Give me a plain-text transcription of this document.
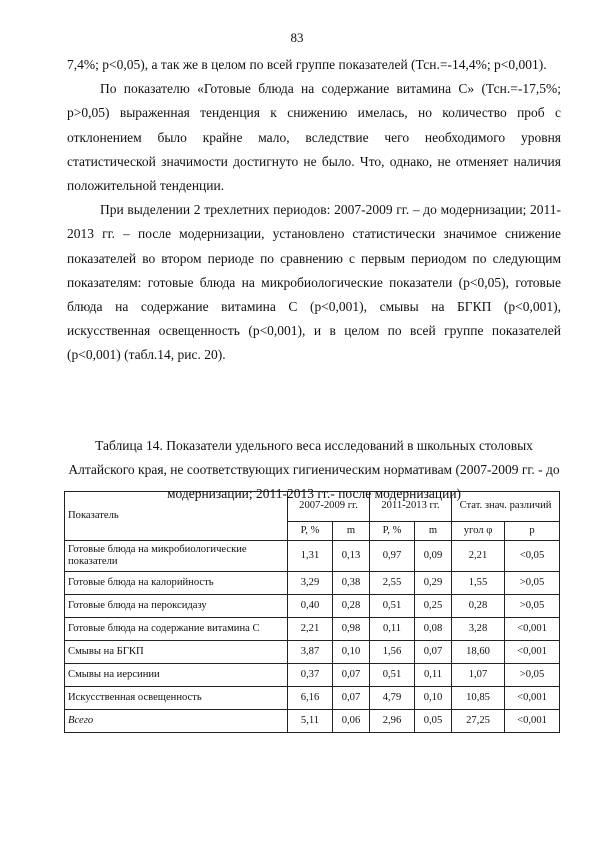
83

7,4%; p<0,05), а так же в целом по всей группе показателей (Тсн.=-14,4%; p<0,001).

По показателю «Готовые блюда на содержание витамина С» (Тсн.=-17,5%; p>0,05) выраженная тенденция к снижению имелась, но количество проб с отклонением было крайне мало, вследствие чего необходимого уровня статистической значимости достигнуто не было. Что, однако, не отменяет наличия положительной тенденции.

При выделении 2 трехлетних периодов: 2007-2009 гг. – до модернизации; 2011-2013 гг. – после модернизации, установлено статистически значимое снижение показателей во втором периоде по сравнению с первым периодом по следующим показателям: готовые блюда на микробиологические показатели (p<0,05), готовые блюда на содержание витамина С (p<0,001), смывы на БГКП (p<0,001), искусственная освещенность (p<0,001), и в целом по всей группе показателей (p<0,001) (табл.14, рис. 20).

Таблица 14. Показатели удельного веса исследований в школьных столовых Алтайского края, не соответствующих гигиеническим нормативам (2007-2009 гг. - до модернизации; 2011-2013 гг.- после модернизации)
Показатель	2007-2009 гг.		2011-2013 гг.		Стат. знач. различий	
	P, %	m	P, %	m	угол φ	p
Готовые блюда на микробиологические показатели	1,31	0,13	0,97	0,09	2,21	<0,05
Готовые блюда на калорийность	3,29	0,38	2,55	0,29	1,55	>0,05
Готовые блюда на пероксидазу	0,40	0,28	0,51	0,25	0,28	>0,05
Готовые блюда на содержание витамина С	2,21	0,98	0,11	0,08	3,28	<0,001
Смывы на БГКП	3,87	0,10	1,56	0,07	18,60	<0,001
Смывы на иерсинии	0,37	0,07	0,51	0,11	1,07	>0,05
Искусственная освещенность	6,16	0,07	4,79	0,10	10,85	<0,001
Всего	5,11	0,06	2,96	0,05	27,25	<0,001
